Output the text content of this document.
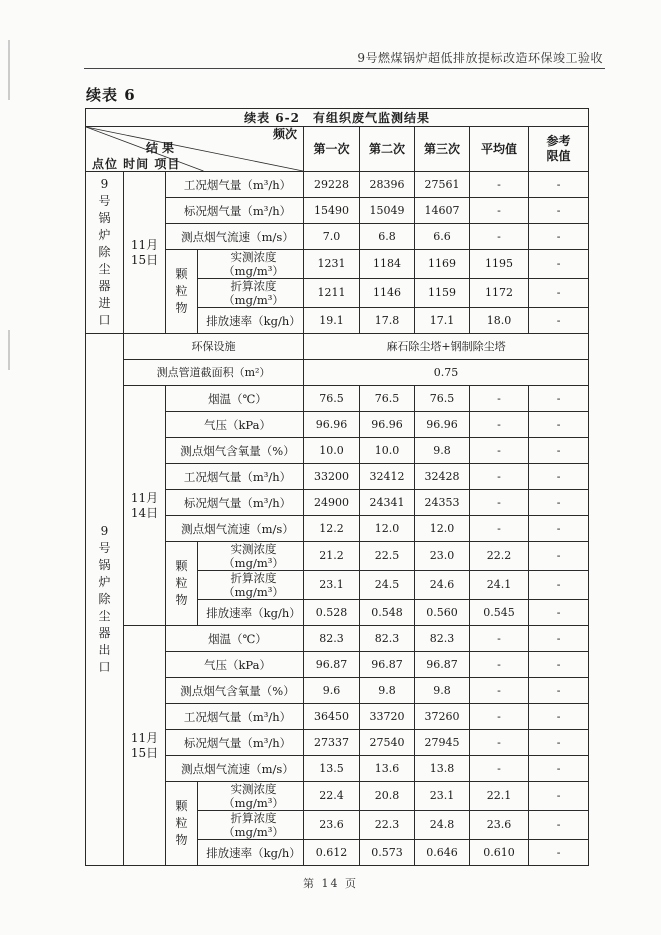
9号燃煤锅炉超低排放提标改造环保竣工验收
续表 6
续表 6-2　有组织废气监测结果								

频次
结果
点位 时间 项目				第一次	第二次	第三次	平均值	参考限值
9号锅炉除尘器进口	11月15日	工况烟气量（m³/h）		29228	28396	27561	-	-
		标况烟气量（m³/h）		15490	15049	14607	-	-
		测点烟气流速（m/s）		7.0	6.8	6.6	-	-
		颗粒物	实测浓度（mg/m³）	1231	1184	1169	1195	-
			折算浓度（mg/m³）	1211	1146	1159	1172	-
			排放速率（kg/h）	19.1	17.8	17.1	18.0	-
9号锅炉除尘器出口	环保设施			麻石除尘塔+钢制除尘塔				
	测点管道截面积（m²）			0.75				
	11月14日	烟温（℃）		76.5	76.5	76.5	-	-
		气压（kPa）		96.96	96.96	96.96	-	-
		测点烟气含氧量（%）		10.0	10.0	9.8	-	-
		工况烟气量（m³/h）		33200	32412	32428	-	-
		标况烟气量（m³/h）		24900	24341	24353	-	-
		测点烟气流速（m/s）		12.2	12.0	12.0	-	-
		颗粒物	实测浓度（mg/m³）	21.2	22.5	23.0	22.2	-
			折算浓度（mg/m³）	23.1	24.5	24.6	24.1	-
			排放速率（kg/h）	0.528	0.548	0.560	0.545	-
	11月15日	烟温（℃）		82.3	82.3	82.3	-	-
		气压（kPa）		96.87	96.87	96.87	-	-
		测点烟气含氧量（%）		9.6	9.8	9.8	-	-
		工况烟气量（m³/h）		36450	33720	37260	-	-
		标况烟气量（m³/h）		27337	27540	27945	-	-
		测点烟气流速（m/s）		13.5	13.6	13.8	-	-
		颗粒物	实测浓度（mg/m³）	22.4	20.8	23.1	22.1	-
			折算浓度（mg/m³）	23.6	22.3	24.8	23.6	-
			排放速率（kg/h）	0.612	0.573	0.646	0.610	-
第 14 页
